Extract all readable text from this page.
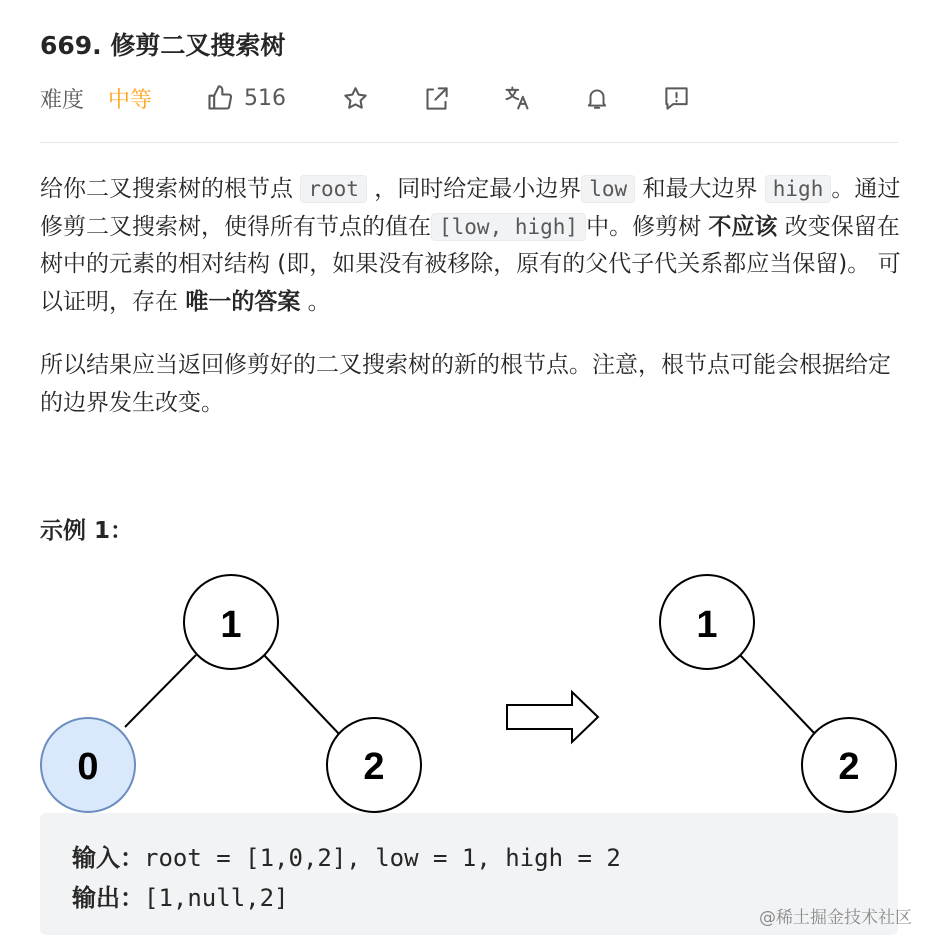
669. 修剪二叉搜索树
难度 中等	516
给你二叉搜索树的根节点 root ，同时给定最小边界 low 和最大边界 high 。通过修剪二叉搜索树，使得所有节点的值在 [low, high] 中。修剪树 不应该 改变保留在树中的元素的相对结构 (即，如果没有被移除，原有的父代子代关系都应当保留)。 可以证明，存在 唯一的答案 。
所以结果应当返回修剪好的二叉搜索树的新的根节点。注意，根节点可能会根据给定的边界发生改变。
示例 1：
1
0	2
1
2
输入：root = [1,0,2], low = 1, high = 2
输出：[1,null,2]
@稀土掘金技术社区
